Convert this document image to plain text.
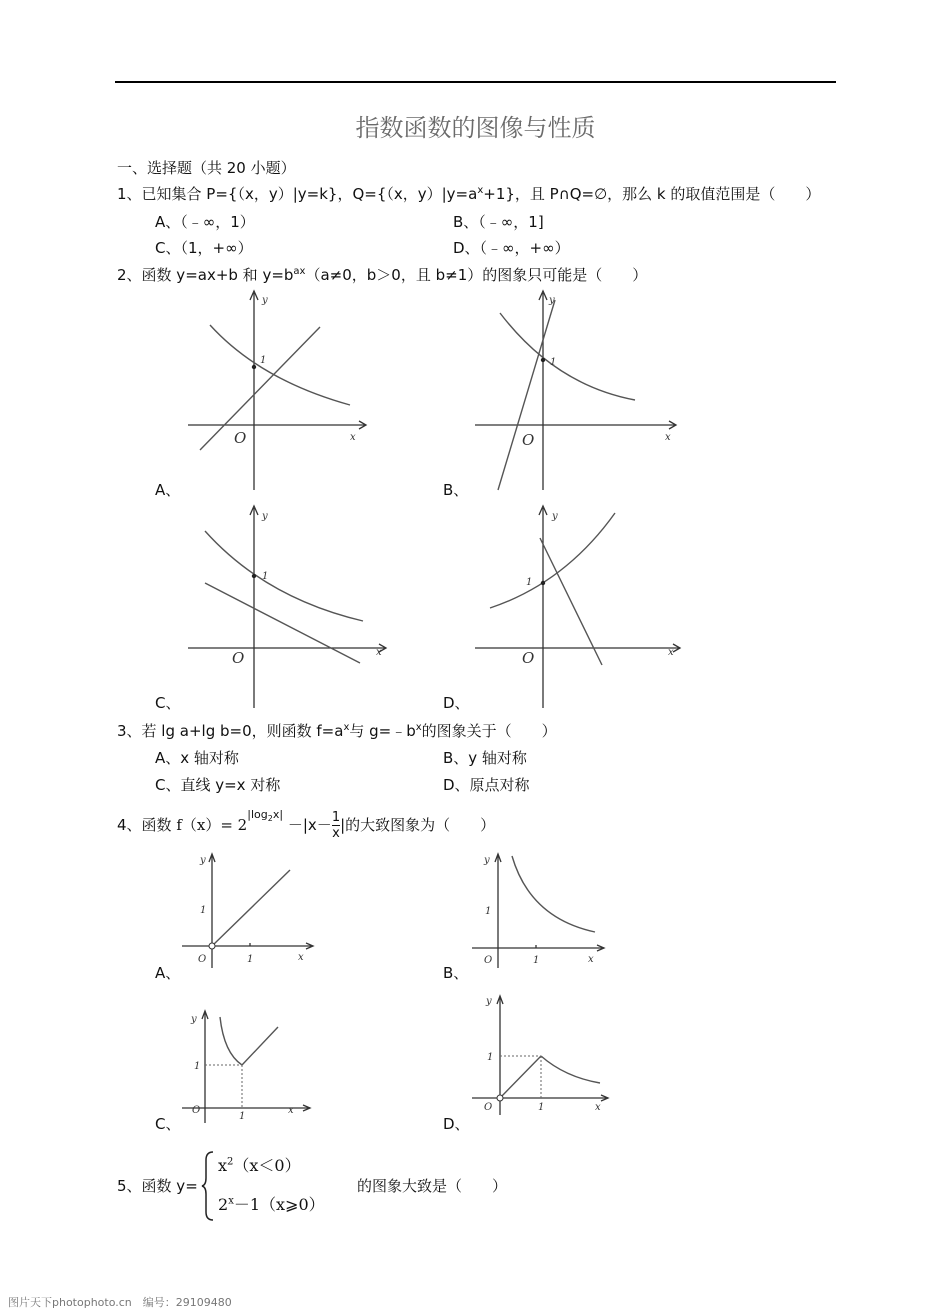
指数函数的图像与性质
一、选择题（共 20 小题）
1、已知集合 P={（x，y）|y=k}，Q={（x，$y)|y=a^x+1$}，且 P∩Q=∅，那么 k 的取值范围是（　　）
A、（﹣∞，1）	B、（﹣∞，1]
C、（1，+∞）	D、（﹣∞，+∞）
2、函数 y=ax+b 和 $y=b^{ax}(a\ne 0$，b＞0，且 b≠1）的图象只可能是（　　）
O	x
y
1
A、
O	x
y
1
B、
O	x
y
1
C、
O	x
y
1
D、
3、若 lg a+lg b=0，则函数 $f=a^x$与 $g=﹣b^x$的图象关于（　　）
A、x 轴对称	B、y 轴对称
C、直线 y=x 对称	D、原点对称
4、函数 $f(x)= 2^{|log_2x|} -|x- \frac{1}{x}$ |的大致图象为（　　）
O	1
1
x
y
A、
O	1
1
x
y
B、
O
1
1
x
y
C、
O	1
1
x
y
D、
5、函数 y=
$x^2(x<0)$
$2^x-1(x⩾0)$
的图象大致是（　　）
图片天下photophoto.cn　编号：29109480
